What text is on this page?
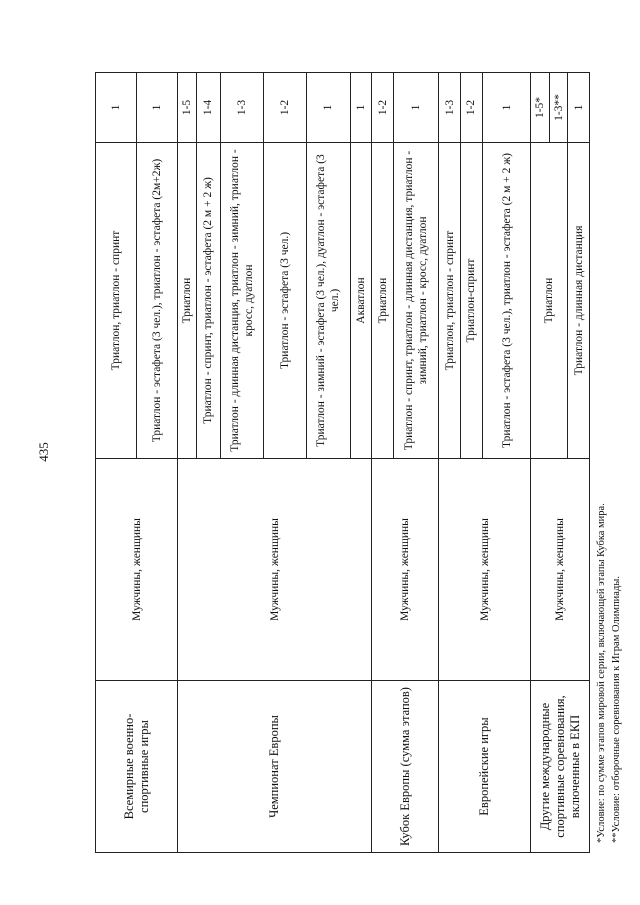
435
Всемирные военно-спортивные игры	Мужчины, женщины	Триатлон, триатлон - спринт	1
		Триатлон - эстафета (3 чел.), триатлон - эстафета (2м+2ж)	1
Чемпионат Европы	Мужчины, женщины	Триатлон	1-5
		Триатлон - спринт, триатлон - эстафета (2 м + 2 ж)	1-4
		Триатлон - длинная дистанция, триатлон - зимний, триатлон - кросс, дуатлон	1-3
		Триатлон - эстафета (3 чел.)	1-2
		Триатлон - зимний - эстафета (3 чел.), дуатлон - эстафета (3 чел.)	1
		Акватлон	1
Кубок Европы (сумма этапов)	Мужчины, женщины	Триатлон	1-2
		Триатлон - спринт, триатлон - длинная дистанция, триатлон - зимний, триатлон - кросс, дуатлон	1
Европейские игры	Мужчины, женщины	Триатлон, триатлон - спринт	1-3
		Триатлон-спринт	1-2
		Триатлон - эстафета (3 чел.), триатлон - эстафета (2 м + 2 ж)	1
Другие международные спортивные соревнования, включенные в ЕКП	Мужчины, женщины	Триатлон	1-5*
			1-3**
		Триатлон - длинная дистанция	1
*Условие: по сумме этапов мировой серии, включающей этапы Кубка мира. **Условие: отборочные соревнования к Играм Олимпиады.
